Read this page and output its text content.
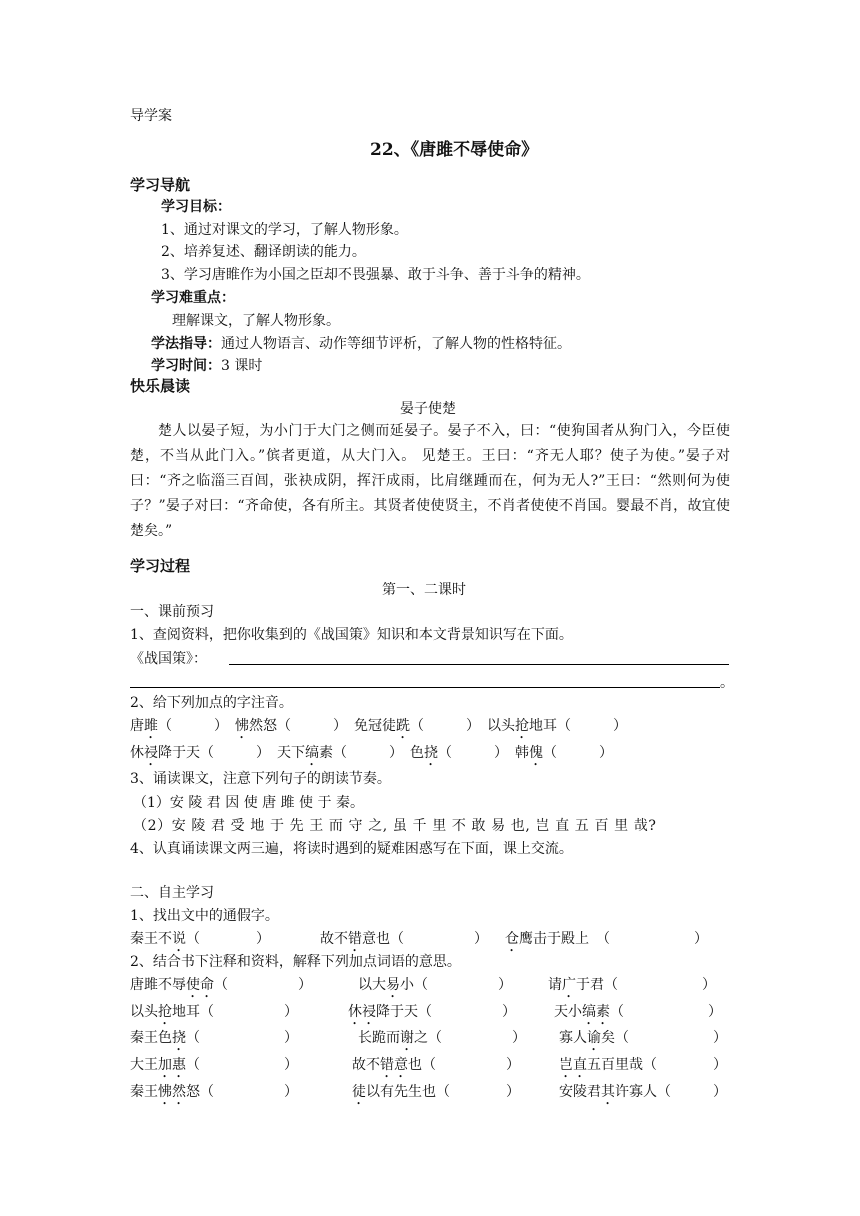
导学案
22、《唐雎不辱使命》
学习导航
学习目标：
1、通过对课文的学习，了解人物形象。
2、培养复述、翻译朗读的能力。
3、学习唐睢作为小国之臣却不畏强暴、敢于斗争、善于斗争的精神。
学习难重点：
理解课文，了解人物形象。
学法指导：通过人物语言、动作等细节评析，了解人物的性格特征。
学习时间：3 课时
快乐晨读
晏子使楚
楚人以晏子短，为小门于大门之侧而延晏子。晏子不入，曰：“使狗国者从狗门入，今臣使楚，不当从此门入。”傧者更道，从大门入。 见楚王。王曰：“齐无人耶？使子为使。”晏子对曰：“齐之临淄三百闾，张袂成阴，挥汗成雨，比肩继踵而在，何为无人?”王曰：“然则何为使子？”晏子对曰：“齐命使，各有所主。其贤者使使贤主，不肖者使使不肖国。婴最不肖，故宜使楚矣。”
学习过程
第一、二课时
一、课前预习
1、查阅资料，把你收集到的《战国策》知识和本文背景知识写在下面。
《战国策》：
。
2、给下列加点的字注音。
唐雎（　　　）　 怫然怒（　　　）　免冠徒跣（　　　）　以头抢地耳（　　　）
休祲降于天（　　　）　天下缟素（　　　）　色挠（　　　）　韩傀（　　　）
3、诵读课文，注意下列句子的朗读节奏。
（1）安 陵 君 因 使 唐 雎 使 于 秦。
（2）安 陵 君 受 地 于 先 王 而 守 之, 虽 千 里 不 敢 易 也, 岂 直 五 百 里 哉?
4、认真诵读课文两三遍，将读时遇到的疑难困惑写在下面，课上交流。
二、自主学习
1、找出文中的通假字。
秦王不说（　　　　）	故不错意也（　　　　　） 仓鹰击于殿上　（　　　　　　）
2、结合书下注释和资料，解释下列加点词语的意思。
唐雎不辱使命（　　　　　）	以大易小（　　　　　）	请广于君（　　　　　　）
以头抢地耳（　　　　　）	休祲降于天（　　　　　）	天小缟素（　　　　　　）
秦王色挠（　　　　　　）	长跪而谢之（　　　　　） 寡人谕矣（　　　　　　）
大王加惠（　　　　　　）	故不错意也（　　　　　）	岂直五百里哉（　　　　）
秦王怫然怒（　　　　　）	徒以有先生也（　　　　）	安陵君其许寡人（　　　）
